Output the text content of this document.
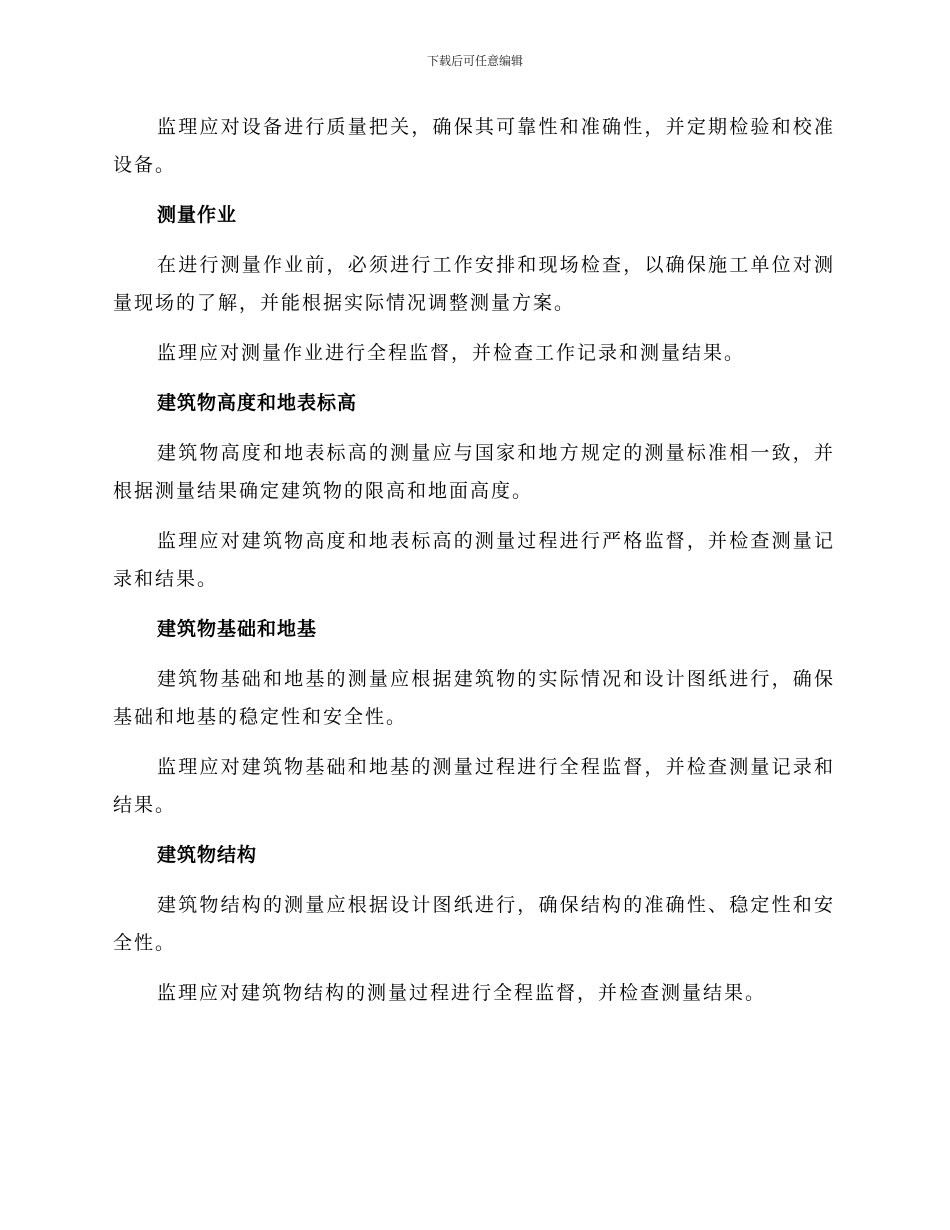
下载后可任意编辑

监理应对设备进行质量把关，确保其可靠性和准确性，并定期检验和校准设备。

测量作业

在进行测量作业前，必须进行工作安排和现场检查，以确保施工单位对测量现场的了解，并能根据实际情况调整测量方案。

监理应对测量作业进行全程监督，并检查工作记录和测量结果。

建筑物高度和地表标高

建筑物高度和地表标高的测量应与国家和地方规定的测量标准相一致，并根据测量结果确定建筑物的限高和地面高度。

监理应对建筑物高度和地表标高的测量过程进行严格监督，并检查测量记录和结果。

建筑物基础和地基

建筑物基础和地基的测量应根据建筑物的实际情况和设计图纸进行，确保基础和地基的稳定性和安全性。

监理应对建筑物基础和地基的测量过程进行全程监督，并检查测量记录和结果。

建筑物结构

建筑物结构的测量应根据设计图纸进行，确保结构的准确性、稳定性和安全性。

监理应对建筑物结构的测量过程进行全程监督，并检查测量结果。
